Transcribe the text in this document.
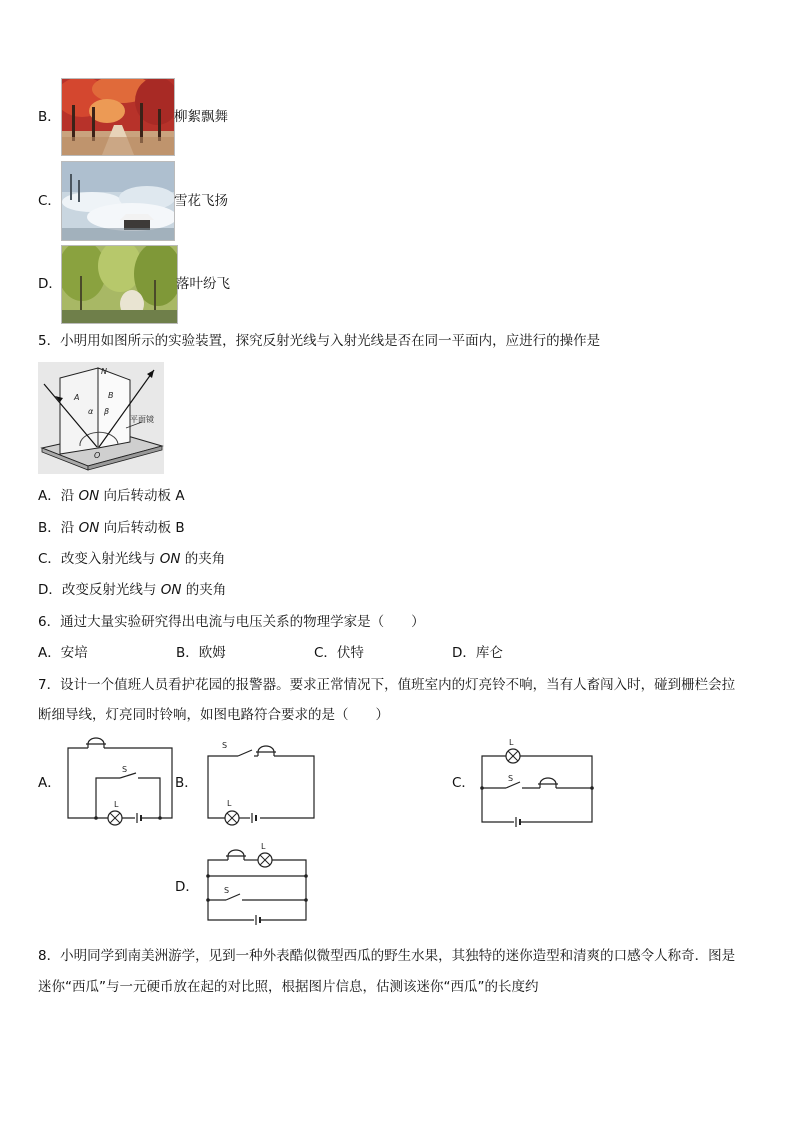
B．	柳絮飘舞
C．	雪花飞扬
D．	落叶纷飞
5．小明用如图所示的实验装置，探究反射光线与入射光线是否在同一平面内，应进行的操作是
N
A	B
α β
O
平面镜
A．沿 ON 向后转动板 A
B．沿 ON 向后转动板 B
C．改变入射光线与 ON 的夹角
D．改变反射光线与 ON 的夹角
6．通过大量实验研究得出电流与电压关系的物理学家是（　　）
A．安培	B．欧姆	C．伏特	D．库仑
7．设计一个值班人员看护花园的报警器。要求正常情况下，值班室内的灯亮铃不响，当有人畜闯入时，碰到栅栏会拉
断细导线，灯亮同时铃响，如图电路符合要求的是（　　）
A．
S
L
B．
S
L
C．
L
S
D．
L
S
8．小明同学到南美洲游学，见到一种外表酷似微型西瓜的野生水果，其独特的迷你造型和清爽的口感令人称奇．图是
迷你“西瓜”与一元硬币放在起的对比照，根据图片信息，估测该迷你“西瓜”的长度约
